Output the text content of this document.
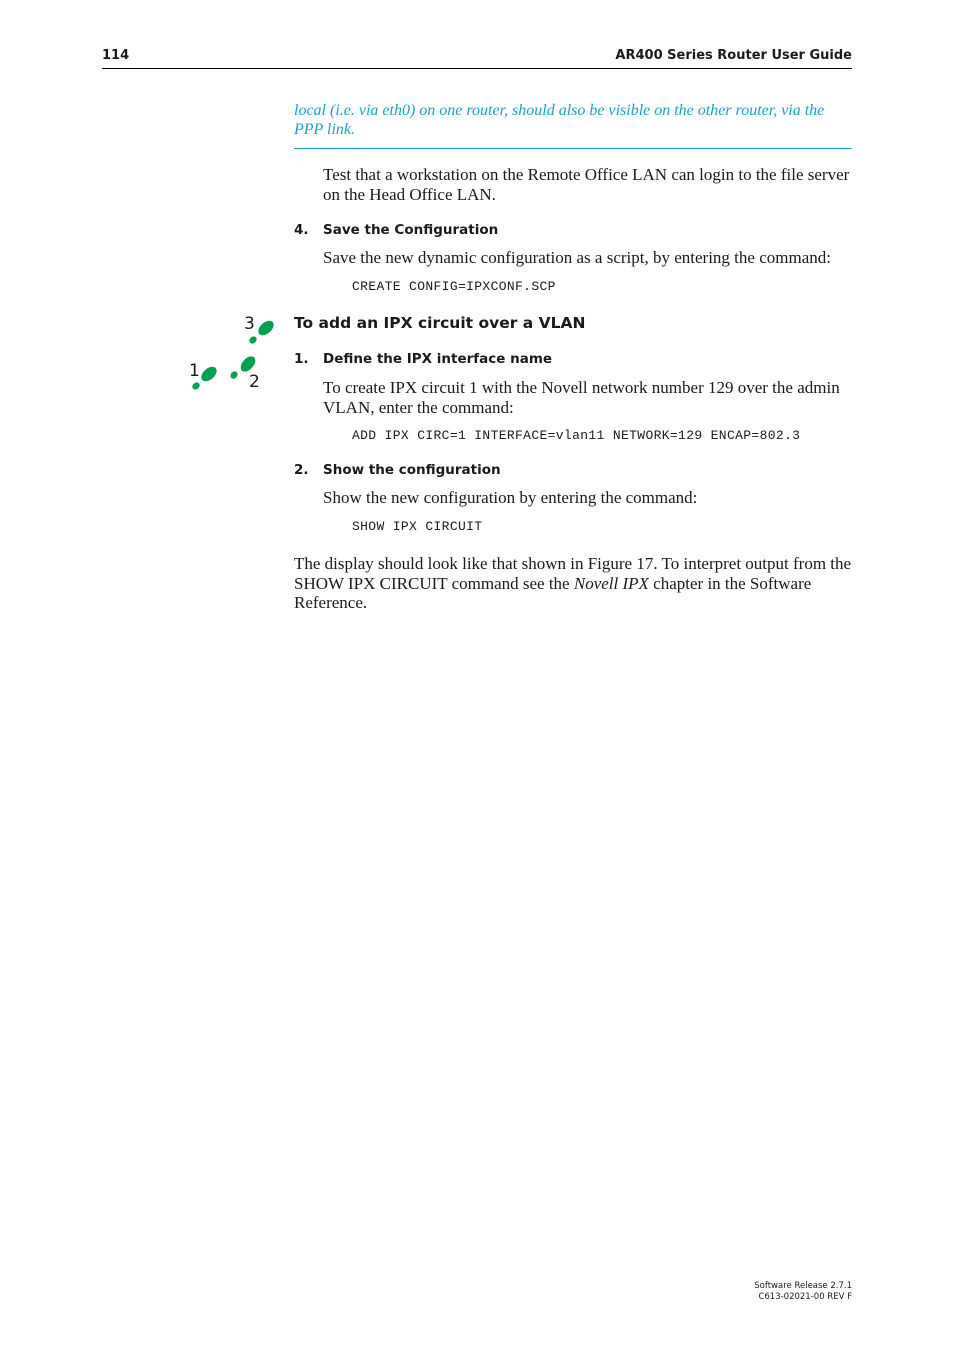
114	AR400 Series Router User Guide
local (i.e. via eth0) on one router, should also be visible on the other router, via the PPP link.
Test that a workstation on the Remote Office LAN can login to the file server on the Head Office LAN.
4. Save the Configuration
Save the new dynamic configuration as a script, by entering the command:
CREATE CONFIG=IPXCONF.SCP
3
1
2
To add an IPX circuit over a VLAN
1. Define the IPX interface name
To create IPX circuit 1 with the Novell network number 129 over the admin VLAN, enter the command:
ADD IPX CIRC=1 INTERFACE=vlan11 NETWORK=129 ENCAP=802.3
2. Show the configuration
Show the new configuration by entering the command:
SHOW IPX CIRCUIT
The display should look like that shown in Figure 17. To interpret output from the SHOW IPX CIRCUIT command see the Novell IPX chapter in the Software Reference.
Software Release 2.7.1
C613-02021-00 REV F
